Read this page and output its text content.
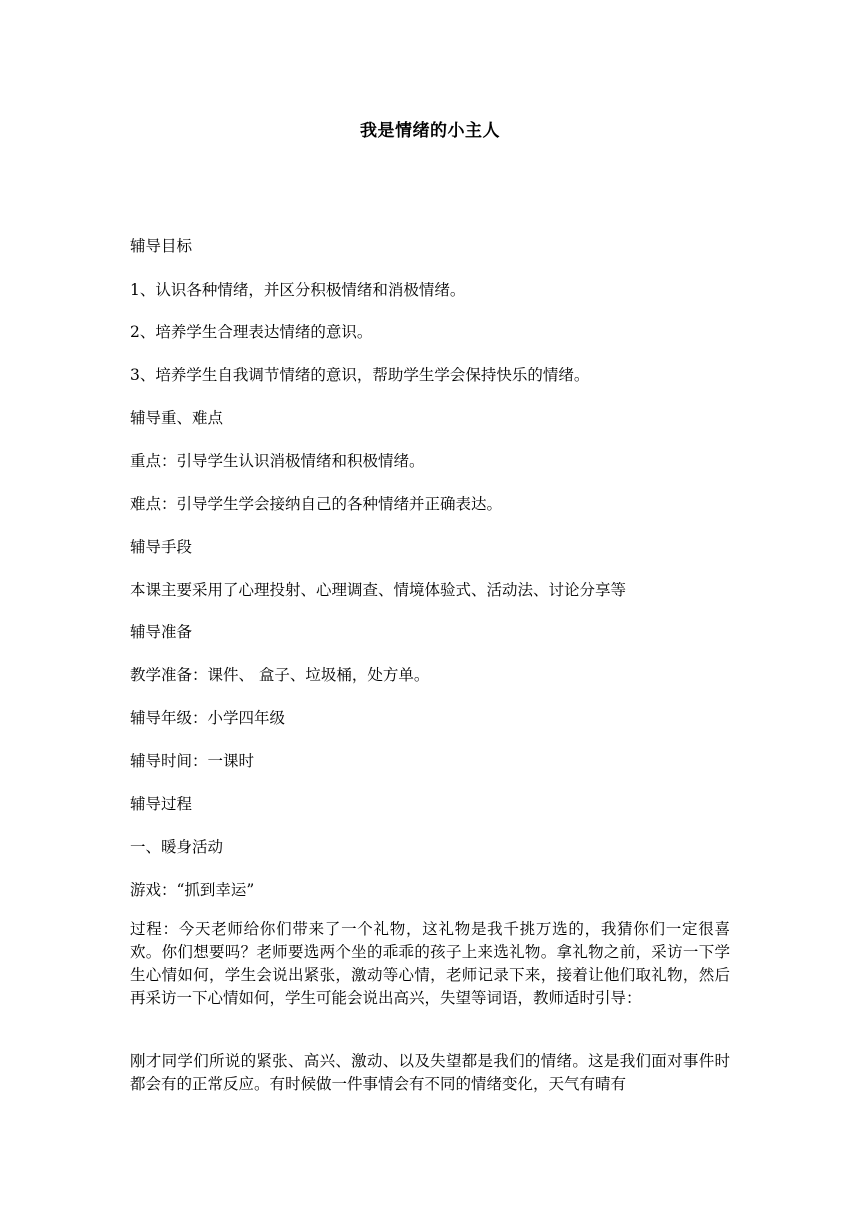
我是情绪的小主人
辅导目标
1、认识各种情绪，并区分积极情绪和消极情绪。
2、培养学生合理表达情绪的意识。
3、培养学生自我调节情绪的意识，帮助学生学会保持快乐的情绪。
辅导重、难点
重点：引导学生认识消极情绪和积极情绪。
难点：引导学生学会接纳自己的各种情绪并正确表达。
辅导手段
本课主要采用了心理投射、心理调查、情境体验式、活动法、讨论分享等
辅导准备
教学准备：课件、 盒子、垃圾桶，处方单。
辅导年级：小学四年级
辅导时间：一课时
辅导过程
一、暖身活动
游戏：“抓到幸运”
过程：今天老师给你们带来了一个礼物，这礼物是我千挑万选的，我猜你们一定很喜欢。你们想要吗？老师要选两个坐的乖乖的孩子上来选礼物。拿礼物之前，采访一下学生心情如何，学生会说出紧张，激动等心情，老师记录下来，接着让他们取礼物，然后再采访一下心情如何，学生可能会说出高兴，失望等词语，教师适时引导：
刚才同学们所说的紧张、高兴、激动、以及失望都是我们的情绪。这是我们面对事件时都会有的正常反应。有时候做一件事情会有不同的情绪变化，天气有晴有
